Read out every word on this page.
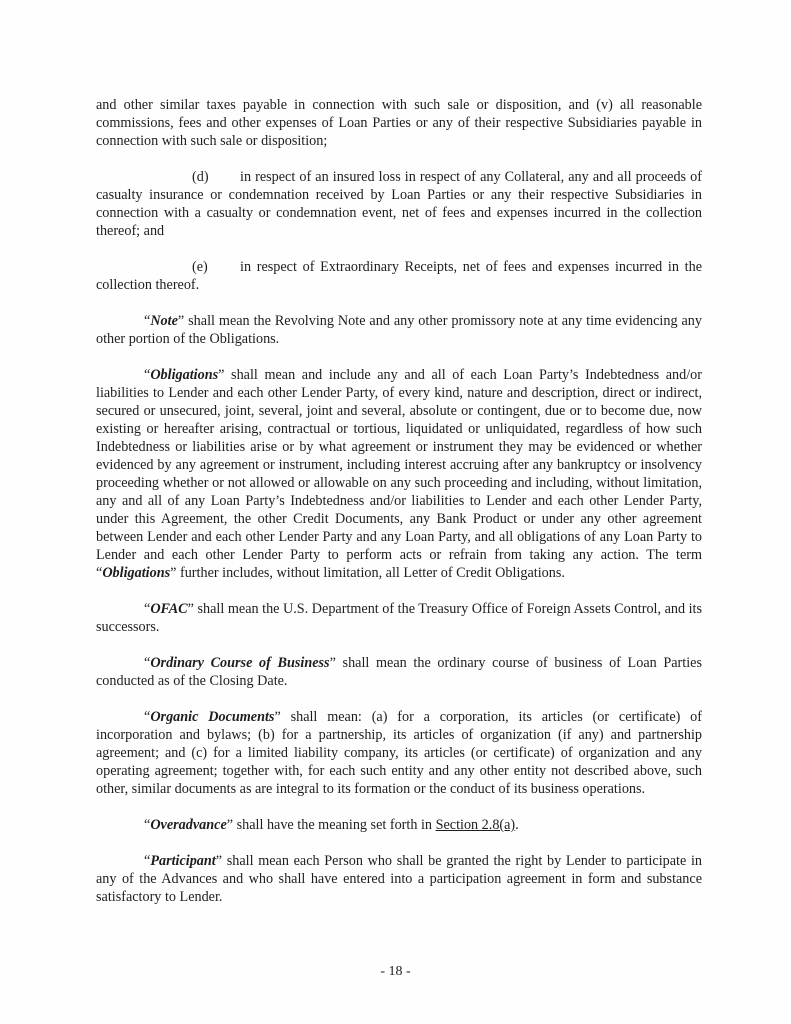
and other similar taxes payable in connection with such sale or disposition, and (v) all reasonable commissions, fees and other expenses of Loan Parties or any of their respective Subsidiaries payable in connection with such sale or disposition;

(d) in respect of an insured loss in respect of any Collateral, any and all proceeds of casualty insurance or condemnation received by Loan Parties or any their respective Subsidiaries in connection with a casualty or condemnation event, net of fees and expenses incurred in the collection thereof; and

(e) in respect of Extraordinary Receipts, net of fees and expenses incurred in the collection thereof.

“Note” shall mean the Revolving Note and any other promissory note at any time evidencing any other portion of the Obligations.

“Obligations” shall mean and include any and all of each Loan Party’s Indebtedness and/or liabilities to Lender and each other Lender Party, of every kind, nature and description, direct or indirect, secured or unsecured, joint, several, joint and several, absolute or contingent, due or to become due, now existing or hereafter arising, contractual or tortious, liquidated or unliquidated, regardless of how such Indebtedness or liabilities arise or by what agreement or instrument they may be evidenced or whether evidenced by any agreement or instrument, including interest accruing after any bankruptcy or insolvency proceeding whether or not allowed or allowable on any such proceeding and including, without limitation, any and all of any Loan Party’s Indebtedness and/or liabilities to Lender and each other Lender Party, under this Agreement, the other Credit Documents, any Bank Product or under any other agreement between Lender and each other Lender Party and any Loan Party, and all obligations of any Loan Party to Lender and each other Lender Party to perform acts or refrain from taking any action. The term “Obligations” further includes, without limitation, all Letter of Credit Obligations.

“OFAC” shall mean the U.S. Department of the Treasury Office of Foreign Assets Control, and its successors.

“Ordinary Course of Business” shall mean the ordinary course of business of Loan Parties conducted as of the Closing Date.

“Organic Documents” shall mean: (a) for a corporation, its articles (or certificate) of incorporation and bylaws; (b) for a partnership, its articles of organization (if any) and partnership agreement; and (c) for a limited liability company, its articles (or certificate) of organization and any operating agreement; together with, for each such entity and any other entity not described above, such other, similar documents as are integral to its formation or the conduct of its business operations.

“Overadvance” shall have the meaning set forth in Section 2.8(a).

“Participant” shall mean each Person who shall be granted the right by Lender to participate in any of the Advances and who shall have entered into a participation agreement in form and substance satisfactory to Lender.

- 18 -
